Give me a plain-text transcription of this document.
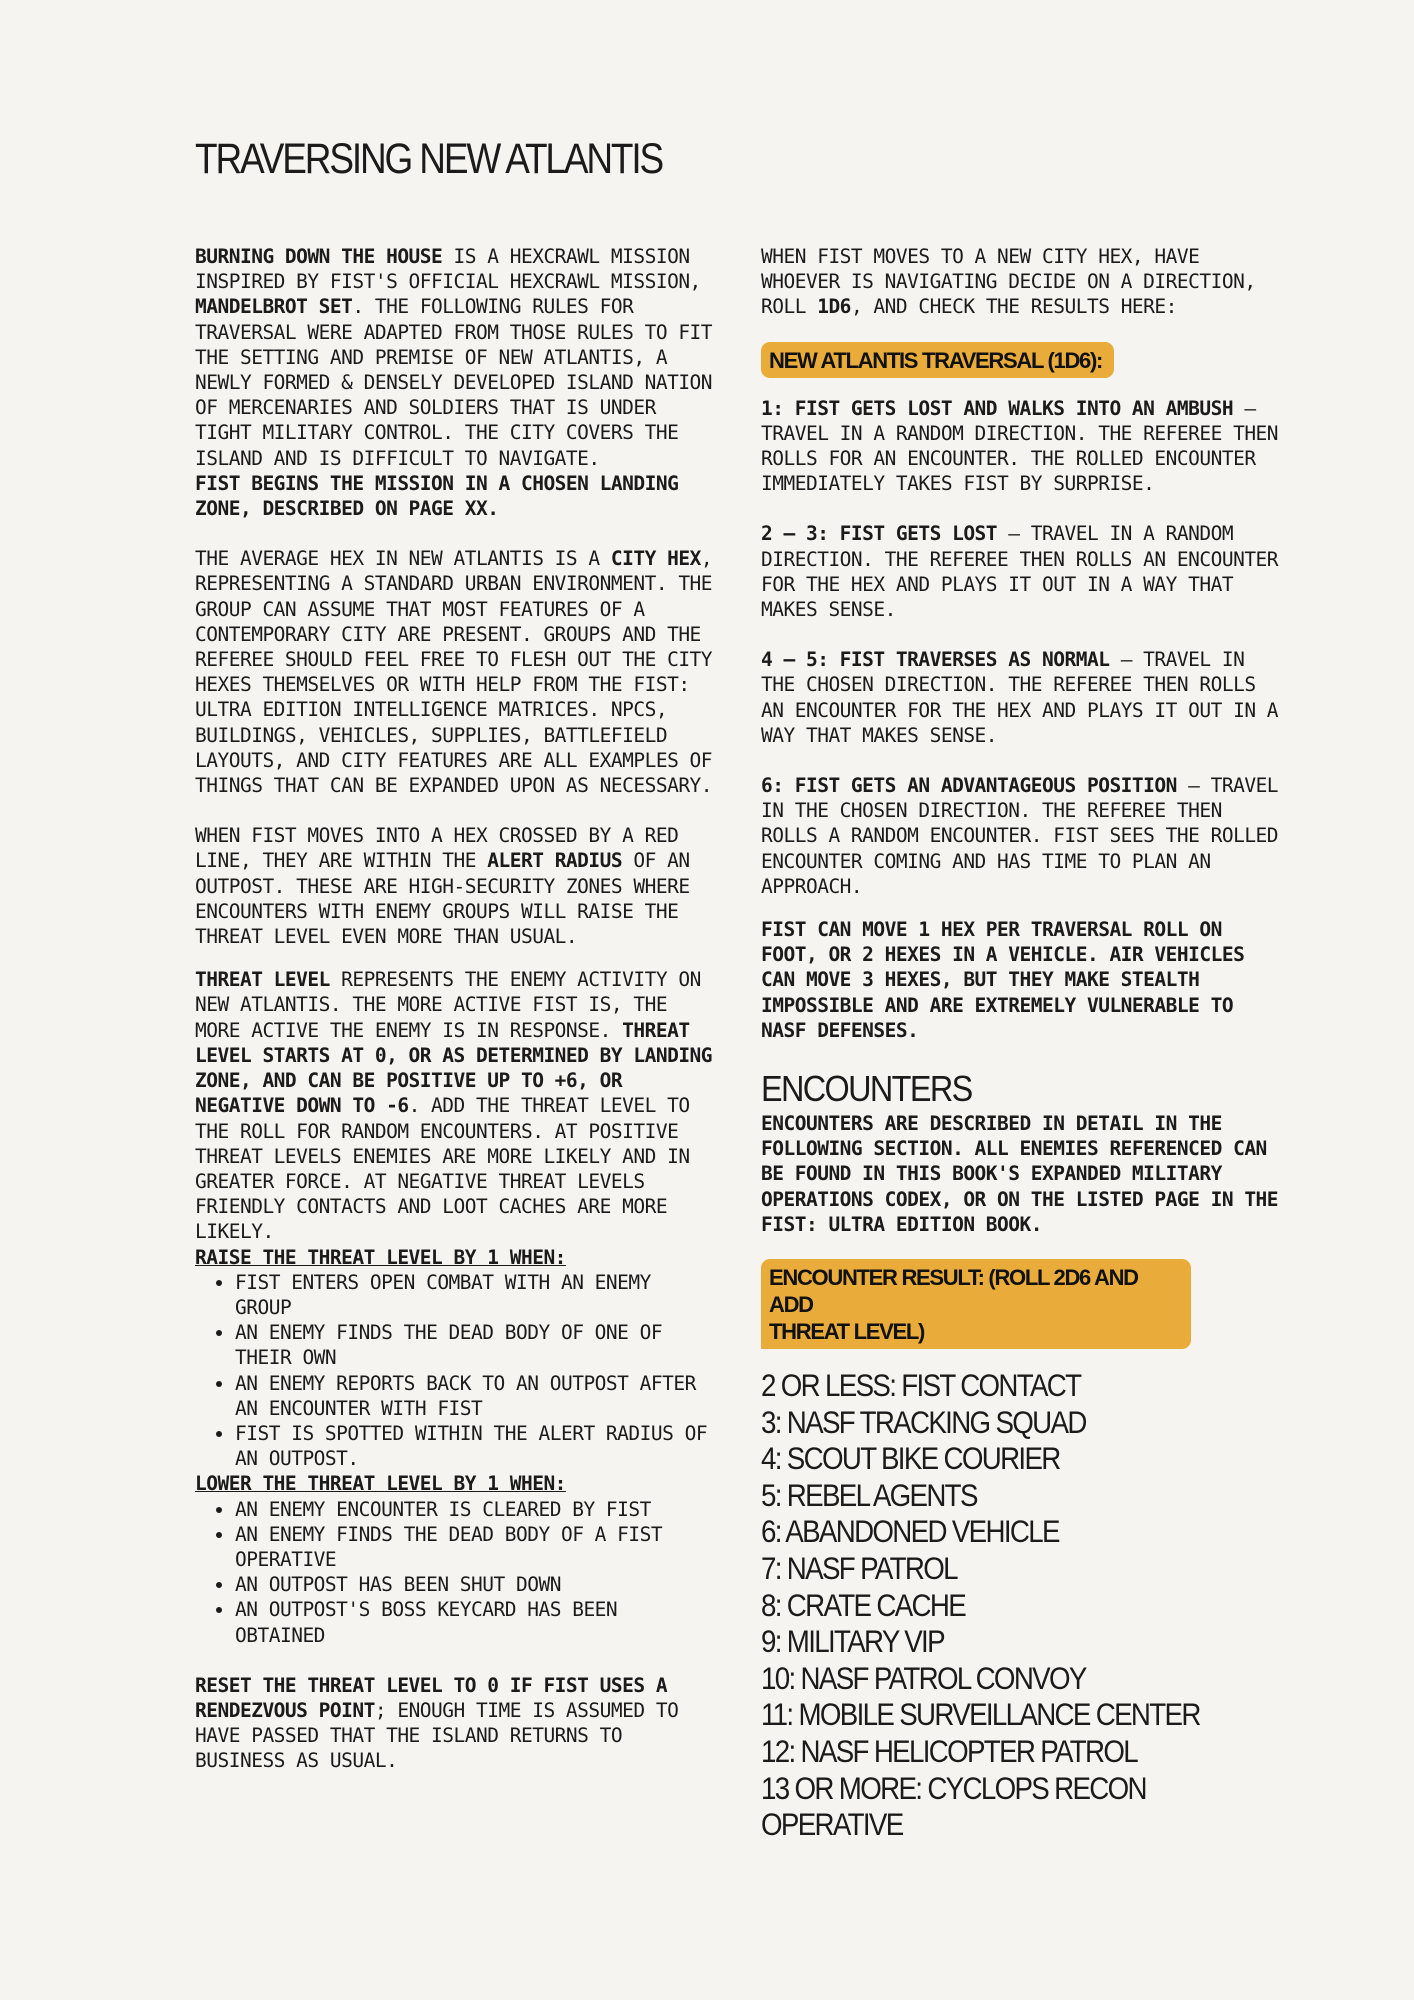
TRAVERSING NEW ATLANTIS

BURNING DOWN THE HOUSE IS A HEXCRAWL MISSION INSPIRED BY FIST'S OFFICIAL HEXCRAWL MISSION, MANDELBROT SET. THE FOLLOWING RULES FOR TRAVERSAL WERE ADAPTED FROM THOSE RULES TO FIT THE SETTING AND PREMISE OF NEW ATLANTIS, A NEWLY FORMED & DENSELY DEVELOPED ISLAND NATION OF MERCENARIES AND SOLDIERS THAT IS UNDER TIGHT MILITARY CONTROL. THE CITY COVERS THE ISLAND AND IS DIFFICULT TO NAVIGATE.

FIST BEGINS THE MISSION IN A CHOSEN LANDING ZONE, DESCRIBED ON PAGE XX.

THE AVERAGE HEX IN NEW ATLANTIS IS A CITY HEX, REPRESENTING A STANDARD URBAN ENVIRONMENT. THE GROUP CAN ASSUME THAT MOST FEATURES OF A CONTEMPORARY CITY ARE PRESENT. GROUPS AND THE REFEREE SHOULD FEEL FREE TO FLESH OUT THE CITY HEXES THEMSELVES OR WITH HELP FROM THE FIST: ULTRA EDITION INTELLIGENCE MATRICES. NPCS, BUILDINGS, VEHICLES, SUPPLIES, BATTLEFIELD LAYOUTS, AND CITY FEATURES ARE ALL EXAMPLES OF THINGS THAT CAN BE EXPANDED UPON AS NECESSARY.

WHEN FIST MOVES INTO A HEX CROSSED BY A RED LINE, THEY ARE WITHIN THE ALERT RADIUS OF AN OUTPOST. THESE ARE HIGH-SECURITY ZONES WHERE ENCOUNTERS WITH ENEMY GROUPS WILL RAISE THE THREAT LEVEL EVEN MORE THAN USUAL.

THREAT LEVEL REPRESENTS THE ENEMY ACTIVITY ON NEW ATLANTIS. THE MORE ACTIVE FIST IS, THE MORE ACTIVE THE ENEMY IS IN RESPONSE. THREAT LEVEL STARTS AT 0, OR AS DETERMINED BY LANDING ZONE, AND CAN BE POSITIVE UP TO +6, OR NEGATIVE DOWN TO -6. ADD THE THREAT LEVEL TO THE ROLL FOR RANDOM ENCOUNTERS. AT POSITIVE THREAT LEVELS ENEMIES ARE MORE LIKELY AND IN GREATER FORCE. AT NEGATIVE THREAT LEVELS FRIENDLY CONTACTS AND LOOT CACHES ARE MORE LIKELY.

RAISE THE THREAT LEVEL BY 1 WHEN:
• FIST ENTERS OPEN COMBAT WITH AN ENEMY GROUP
• AN ENEMY FINDS THE DEAD BODY OF ONE OF THEIR OWN
• AN ENEMY REPORTS BACK TO AN OUTPOST AFTER AN ENCOUNTER WITH FIST
• FIST IS SPOTTED WITHIN THE ALERT RADIUS OF AN OUTPOST.
LOWER THE THREAT LEVEL BY 1 WHEN:
• AN ENEMY ENCOUNTER IS CLEARED BY FIST
• AN ENEMY FINDS THE DEAD BODY OF A FIST OPERATIVE
• AN OUTPOST HAS BEEN SHUT DOWN
• AN OUTPOST'S BOSS KEYCARD HAS BEEN OBTAINED

RESET THE THREAT LEVEL TO 0 IF FIST USES A RENDEZVOUS POINT; ENOUGH TIME IS ASSUMED TO HAVE PASSED THAT THE ISLAND RETURNS TO BUSINESS AS USUAL.

WHEN FIST MOVES TO A NEW CITY HEX, HAVE WHOEVER IS NAVIGATING DECIDE ON A DIRECTION, ROLL 1D6, AND CHECK THE RESULTS HERE:

NEW ATLANTIS TRAVERSAL (1D6):

1: FIST GETS LOST AND WALKS INTO AN AMBUSH – TRAVEL IN A RANDOM DIRECTION. THE REFEREE THEN ROLLS FOR AN ENCOUNTER. THE ROLLED ENCOUNTER IMMEDIATELY TAKES FIST BY SURPRISE.

2 – 3: FIST GETS LOST – TRAVEL IN A RANDOM DIRECTION. THE REFEREE THEN ROLLS AN ENCOUNTER FOR THE HEX AND PLAYS IT OUT IN A WAY THAT MAKES SENSE.

4 – 5: FIST TRAVERSES AS NORMAL – TRAVEL IN THE CHOSEN DIRECTION. THE REFEREE THEN ROLLS AN ENCOUNTER FOR THE HEX AND PLAYS IT OUT IN A WAY THAT MAKES SENSE.

6: FIST GETS AN ADVANTAGEOUS POSITION – TRAVEL IN THE CHOSEN DIRECTION. THE REFEREE THEN ROLLS A RANDOM ENCOUNTER. FIST SEES THE ROLLED ENCOUNTER COMING AND HAS TIME TO PLAN AN APPROACH.

FIST CAN MOVE 1 HEX PER TRAVERSAL ROLL ON FOOT, OR 2 HEXES IN A VEHICLE. AIR VEHICLES CAN MOVE 3 HEXES, BUT THEY MAKE STEALTH IMPOSSIBLE AND ARE EXTREMELY VULNERABLE TO NASF DEFENSES.

ENCOUNTERS

ENCOUNTERS ARE DESCRIBED IN DETAIL IN THE FOLLOWING SECTION. ALL ENEMIES REFERENCED CAN BE FOUND IN THIS BOOK'S EXPANDED MILITARY OPERATIONS CODEX, OR ON THE LISTED PAGE IN THE FIST: ULTRA EDITION BOOK.

ENCOUNTER RESULT: (ROLL 2D6 AND ADD
THREAT LEVEL)
2 OR LESS: FIST CONTACT
3: NASF TRACKING SQUAD
4: SCOUT BIKE COURIER
5: REBEL AGENTS
6: ABANDONED VEHICLE
7: NASF PATROL
8: CRATE CACHE
9: MILITARY VIP
10: NASF PATROL CONVOY
11: MOBILE SURVEILLANCE CENTER
12: NASF HELICOPTER PATROL
13 OR MORE: CYCLOPS RECON
OPERATIVE
